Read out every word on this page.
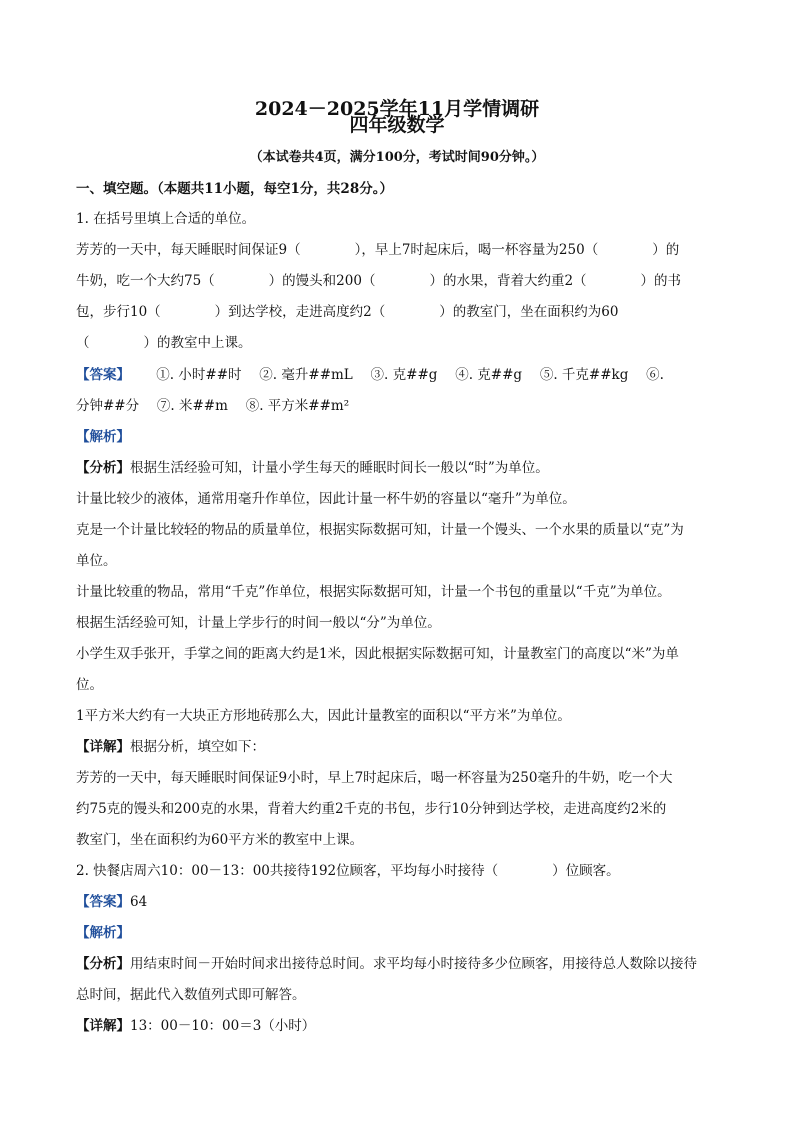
2024－2025学年11月学情调研
四年级数学
（本试卷共4页，满分100分，考试时间90分钟。）
一、填空题。（本题共11小题，每空1分，共28分。）
1. 在括号里填上合适的单位。
芳芳的一天中，每天睡眠时间保证9（　　　　），早上7时起床后，喝一杯容量为250（　　　　）的
牛奶，吃一个大约75（　　　　）的馒头和200（　　　　）的水果，背着大约重2（　　　　）的书
包，步行10（　　　　）到达学校，走进高度约2（　　　　）的教室门，坐在面积约为60
（　　　　）的教室中上课。
【答案】 ①. 小时##时　 ②. 毫升##mL　 ③. 克##g　 ④. 克##g　 ⑤. 千克##kg　 ⑥.
分钟##分　 ⑦. 米##m　 ⑧. 平方米##m²
【解析】
【分析】根据生活经验可知，计量小学生每天的睡眠时间长一般以“时”为单位。
计量比较少的液体，通常用毫升作单位，因此计量一杯牛奶的容量以“毫升”为单位。
克是一个计量比较轻的物品的质量单位，根据实际数据可知，计量一个馒头、一个水果的质量以“克”为
单位。
计量比较重的物品，常用“千克”作单位，根据实际数据可知，计量一个书包的重量以“千克”为单位。
根据生活经验可知，计量上学步行的时间一般以“分”为单位。
小学生双手张开，手掌之间的距离大约是1米，因此根据实际数据可知，计量教室门的高度以“米”为单
位。
1平方米大约有一大块正方形地砖那么大，因此计量教室的面积以“平方米”为单位。
【详解】根据分析，填空如下：
芳芳的一天中，每天睡眠时间保证9小时，早上7时起床后，喝一杯容量为250毫升的牛奶，吃一个大
约75克的馒头和200克的水果，背着大约重2千克的书包，步行10分钟到达学校，走进高度约2米的
教室门，坐在面积约为60平方米的教室中上课。
2. 快餐店周六10：00－13：00共接待192位顾客，平均每小时接待（　　　　）位顾客。
【答案】64
【解析】
【分析】用结束时间－开始时间求出接待总时间。求平均每小时接待多少位顾客，用接待总人数除以接待
总时间，据此代入数值列式即可解答。
【详解】13：00－10：00＝3（小时）
